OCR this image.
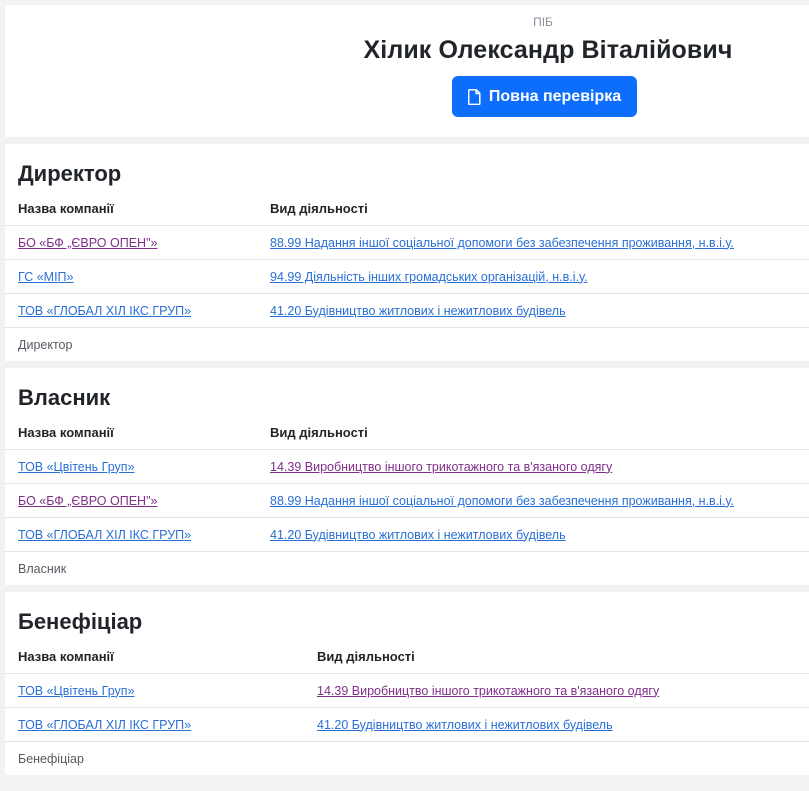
ПІБ
Хілик Олександр Віталійович
Повна перевірка
Директор
Назва компанії	Вид діяльності
БО «БФ „ЄВРО ОПЕН"»	88.99 Надання іншої соціальної допомоги без забезпечення проживання, н.в.і.у.
ГС «МІП»	94.99 Діяльність інших громадських організацій, н.в.і.у.
ТОВ «ГЛОБАЛ ХІЛ ІКС ГРУП»	41.20 Будівництво житлових і нежитлових будівель
Директор
Власник
Назва компанії	Вид діяльності
ТОВ «Цвітень Груп»	14.39 Виробництво іншого трикотажного та в'язаного одягу
БО «БФ „ЄВРО ОПЕН"»	88.99 Надання іншої соціальної допомоги без забезпечення проживання, н.в.і.у.
ТОВ «ГЛОБАЛ ХІЛ ІКС ГРУП»	41.20 Будівництво житлових і нежитлових будівель
Власник
Бенефіціар
Назва компанії	Вид діяльності
ТОВ «Цвітень Груп»	14.39 Виробництво іншого трикотажного та в'язаного одягу
ТОВ «ГЛОБАЛ ХІЛ ІКС ГРУП»	41.20 Будівництво житлових і нежитлових будівель
Бенефіціар
